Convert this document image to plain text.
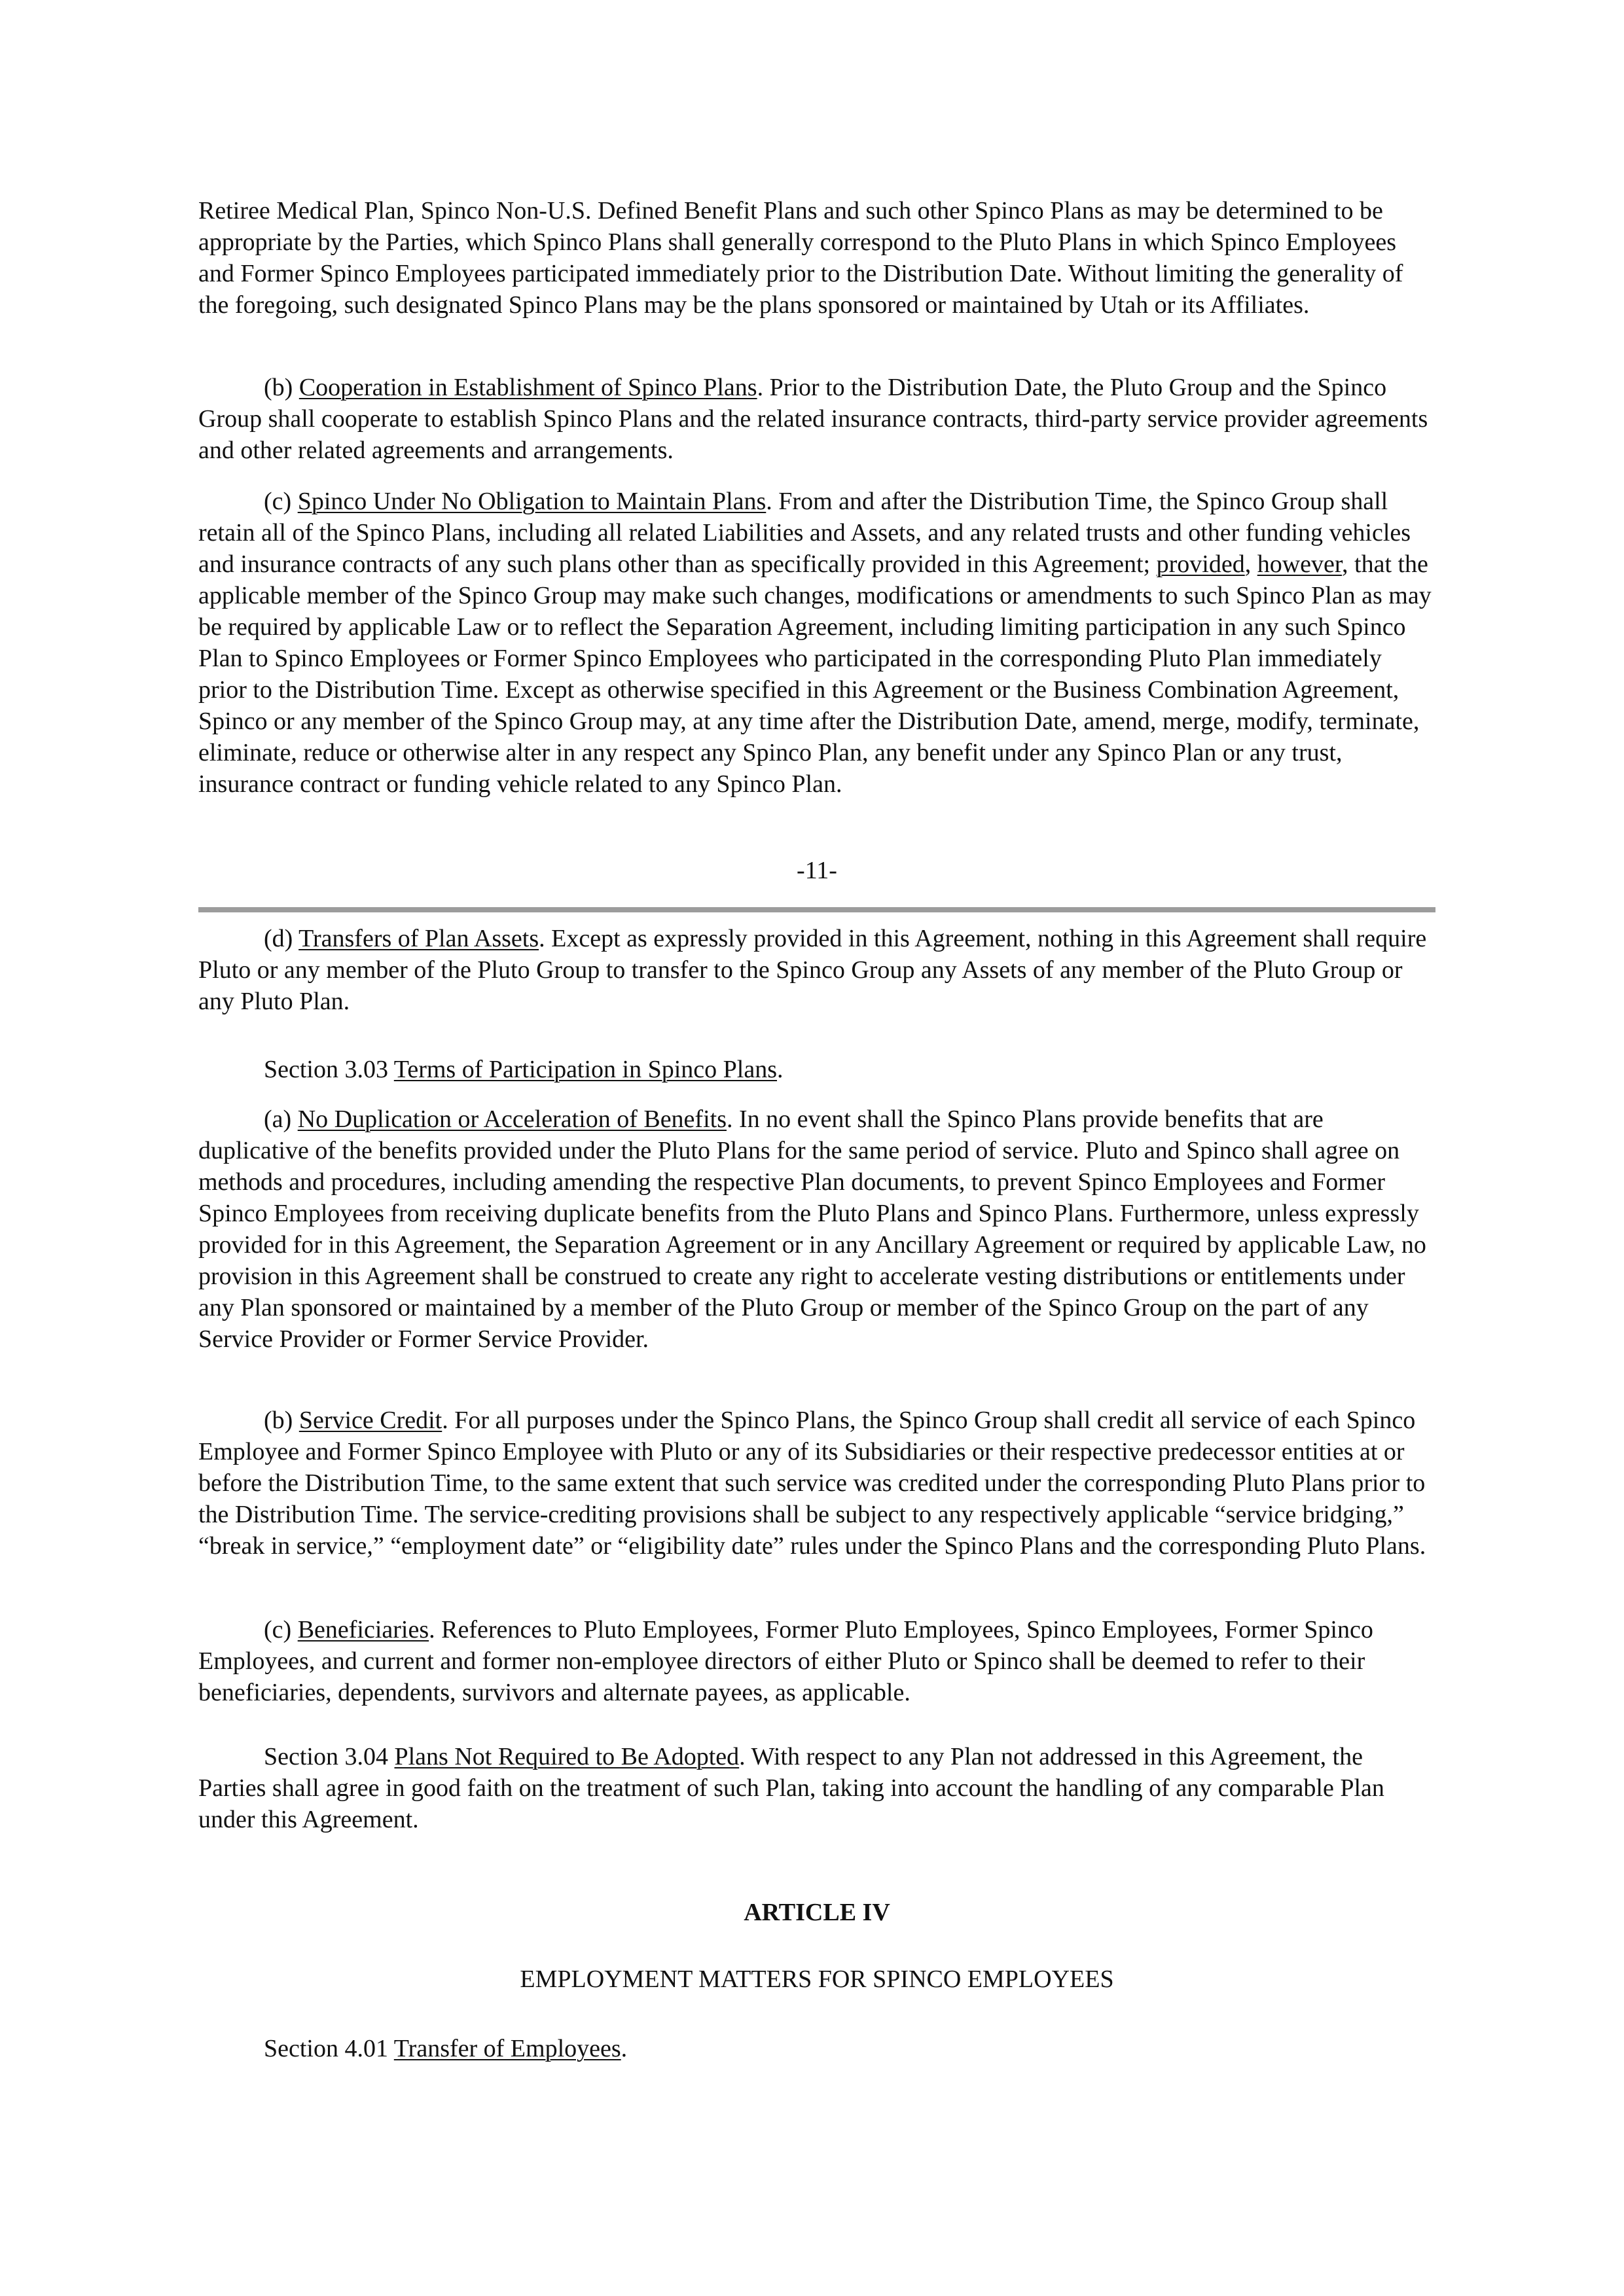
Retiree Medical Plan, Spinco Non-U.S. Defined Benefit Plans and such other Spinco Plans as may be determined to be appropriate by the Parties, which Spinco Plans shall generally correspond to the Pluto Plans in which Spinco Employees and Former Spinco Employees participated immediately prior to the Distribution Date. Without limiting the generality of the foregoing, such designated Spinco Plans may be the plans sponsored or maintained by Utah or its Affiliates.

(b) Cooperation in Establishment of Spinco Plans. Prior to the Distribution Date, the Pluto Group and the Spinco Group shall cooperate to establish Spinco Plans and the related insurance contracts, third-party service provider agreements and other related agreements and arrangements.

(c) Spinco Under No Obligation to Maintain Plans. From and after the Distribution Time, the Spinco Group shall retain all of the Spinco Plans, including all related Liabilities and Assets, and any related trusts and other funding vehicles and insurance contracts of any such plans other than as specifically provided in this Agreement; provided, however, that the applicable member of the Spinco Group may make such changes, modifications or amendments to such Spinco Plan as may be required by applicable Law or to reflect the Separation Agreement, including limiting participation in any such Spinco Plan to Spinco Employees or Former Spinco Employees who participated in the corresponding Pluto Plan immediately prior to the Distribution Time. Except as otherwise specified in this Agreement or the Business Combination Agreement, Spinco or any member of the Spinco Group may, at any time after the Distribution Date, amend, merge, modify, terminate, eliminate, reduce or otherwise alter in any respect any Spinco Plan, any benefit under any Spinco Plan or any trust, insurance contract or funding vehicle related to any Spinco Plan.

-11-

(d) Transfers of Plan Assets. Except as expressly provided in this Agreement, nothing in this Agreement shall require Pluto or any member of the Pluto Group to transfer to the Spinco Group any Assets of any member of the Pluto Group or any Pluto Plan.

Section 3.03 Terms of Participation in Spinco Plans.

(a) No Duplication or Acceleration of Benefits. In no event shall the Spinco Plans provide benefits that are duplicative of the benefits provided under the Pluto Plans for the same period of service. Pluto and Spinco shall agree on methods and procedures, including amending the respective Plan documents, to prevent Spinco Employees and Former Spinco Employees from receiving duplicate benefits from the Pluto Plans and Spinco Plans. Furthermore, unless expressly provided for in this Agreement, the Separation Agreement or in any Ancillary Agreement or required by applicable Law, no provision in this Agreement shall be construed to create any right to accelerate vesting distributions or entitlements under any Plan sponsored or maintained by a member of the Pluto Group or member of the Spinco Group on the part of any Service Provider or Former Service Provider.

(b) Service Credit. For all purposes under the Spinco Plans, the Spinco Group shall credit all service of each Spinco Employee and Former Spinco Employee with Pluto or any of its Subsidiaries or their respective predecessor entities at or before the Distribution Time, to the same extent that such service was credited under the corresponding Pluto Plans prior to the Distribution Time. The service-crediting provisions shall be subject to any respectively applicable “service bridging,” “break in service,” “employment date” or “eligibility date” rules under the Spinco Plans and the corresponding Pluto Plans.

(c) Beneficiaries. References to Pluto Employees, Former Pluto Employees, Spinco Employees, Former Spinco Employees, and current and former non-employee directors of either Pluto or Spinco shall be deemed to refer to their beneficiaries, dependents, survivors and alternate payees, as applicable.

Section 3.04 Plans Not Required to Be Adopted. With respect to any Plan not addressed in this Agreement, the Parties shall agree in good faith on the treatment of such Plan, taking into account the handling of any comparable Plan under this Agreement.

ARTICLE IV

EMPLOYMENT MATTERS FOR SPINCO EMPLOYEES

Section 4.01 Transfer of Employees.
